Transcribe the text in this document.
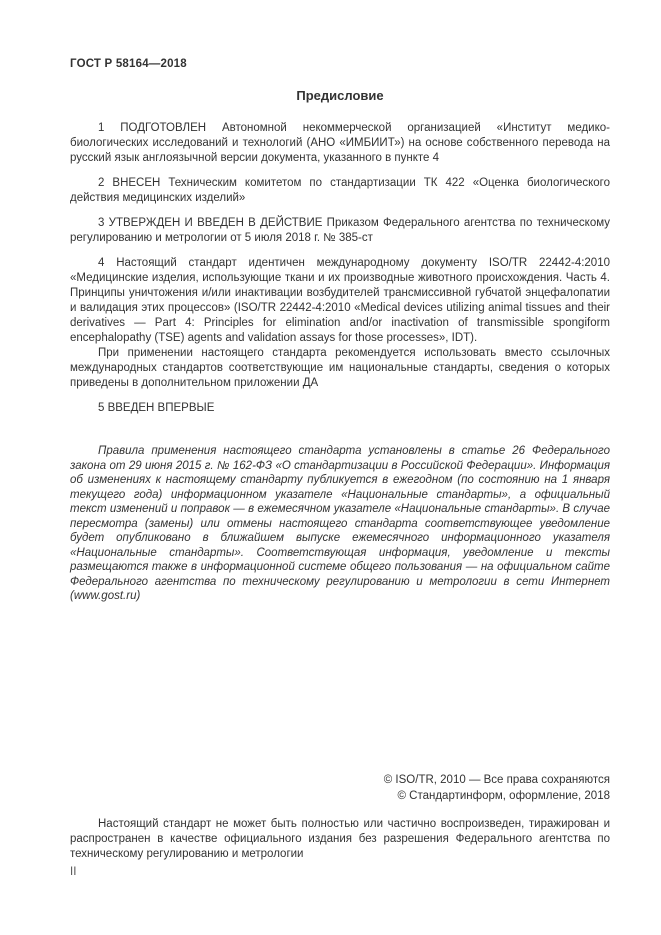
ГОСТ Р 58164—2018
Предисловие

1 ПОДГОТОВЛЕН Автономной некоммерческой организацией «Институт медико-биологических исследований и технологий (АНО «ИМБИИТ») на основе собственного перевода на русский язык англоязычной версии документа, указанного в пункте 4

2 ВНЕСЕН Техническим комитетом по стандартизации ТК 422 «Оценка биологического действия медицинских изделий»

3 УТВЕРЖДЕН И ВВЕДЕН В ДЕЙСТВИЕ Приказом Федерального агентства по техническому регулированию и метрологии от 5 июля 2018 г. № 385-ст

4 Настоящий стандарт идентичен международному документу ISO/TR 22442-4:2010 «Медицинские изделия, использующие ткани и их производные животного происхождения. Часть 4. Принципы уничтожения и/или инактивации возбудителей трансмиссивной губчатой энцефалопатии и валидация этих процессов» (ISO/TR 22442-4:2010 «Medical devices utilizing animal tissues and their derivatives — Part 4: Principles for elimination and/or inactivation of transmissible spongiform encephalopathy (TSE) agents and validation assays for those processes», IDT).

При применении настоящего стандарта рекомендуется использовать вместо ссылочных международных стандартов соответствующие им национальные стандарты, сведения о которых приведены в дополнительном приложении ДА

5 ВВЕДЕН ВПЕРВЫЕ

Правила применения настоящего стандарта установлены в статье 26 Федерального закона от 29 июня 2015 г. № 162-ФЗ «О стандартизации в Российской Федерации». Информация об изменениях к настоящему стандарту публикуется в ежегодном (по состоянию на 1 января текущего года) информационном указателе «Национальные стандарты», а официальный текст изменений и поправок — в ежемесячном указателе «Национальные стандарты». В случае пересмотра (замены) или отмены настоящего стандарта соответствующее уведомление будет опубликовано в ближайшем выпуске ежемесячного информационного указателя «Национальные стандарты». Соответствующая информация, уведомление и тексты размещаются также в информационной системе общего пользования — на официальном сайте Федерального агентства по техническому регулированию и метрологии в сети Интернет (www.gost.ru)

© ISO/TR, 2010 — Все права сохраняются
© Стандартинформ, оформление, 2018

Настоящий стандарт не может быть полностью или частично воспроизведен, тиражирован и распространен в качестве официального издания без разрешения Федерального агентства по техническому регулированию и метрологии

II
